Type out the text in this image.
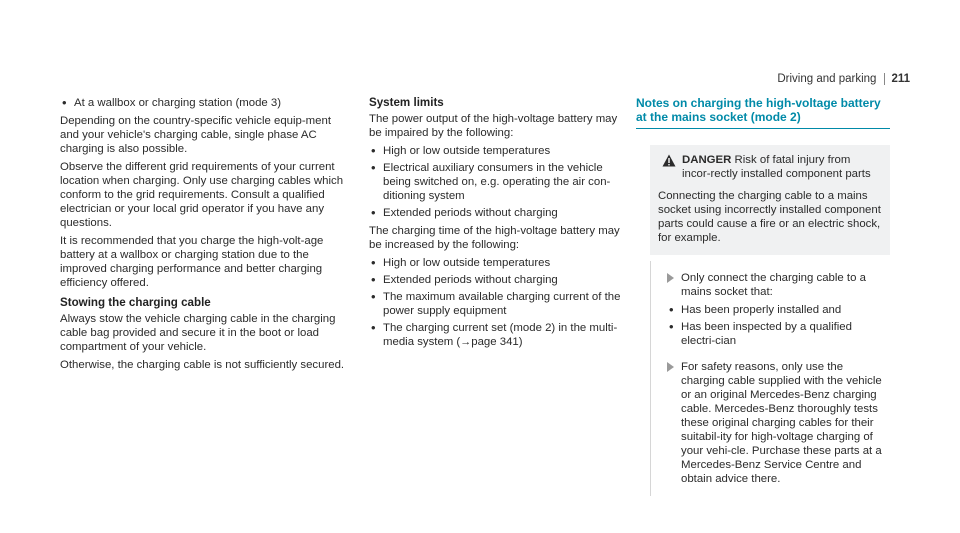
Driving and parking	211
• At a wallbox or charging station (mode 3)

Depending on the country-specific vehicle equip-ment and your vehicle's charging cable, single phase AC charging is also possible.

Observe the different grid requirements of your current location when charging. Only use charging cables which conform to the grid requirements. Consult a qualified electrician or your local grid operator if you have any questions.

It is recommended that you charge the high-volt-age battery at a wallbox or charging station due to the improved charging performance and better charging efficiency offered.

Stowing the charging cable

Always stow the vehicle charging cable in the charging cable bag provided and secure it in the boot or load compartment of your vehicle.

Otherwise, the charging cable is not sufficiently secured.

System limits

The power output of the high-voltage battery may be impaired by the following:

• High or low outside temperatures
• Electrical auxiliary consumers in the vehicle being switched on, e.g. operating the air con-ditioning system
• Extended periods without charging

The charging time of the high-voltage battery may be increased by the following:

• High or low outside temperatures
• Extended periods without charging
• The maximum available charging current of the power supply equipment
• The charging current set (mode 2) in the multi-media system (→page 341)
Notes on charging the high-voltage battery at the mains socket (mode 2)
DANGER Risk of fatal injury from incor-rectly installed component parts

Connecting the charging cable to a mains socket using incorrectly installed component parts could cause a fire or an electric shock, for example.

Only connect the charging cable to a mains socket that:
• Has been properly installed and
• Has been inspected by a qualified electri-cian
For safety reasons, only use the charging cable supplied with the vehicle or an original Mercedes-Benz charging cable. Mercedes-Benz thoroughly tests these original charging cables for their suitabil-ity for high-voltage charging of your vehi-cle. Purchase these parts at a Mercedes-Benz Service Centre and obtain advice there.
